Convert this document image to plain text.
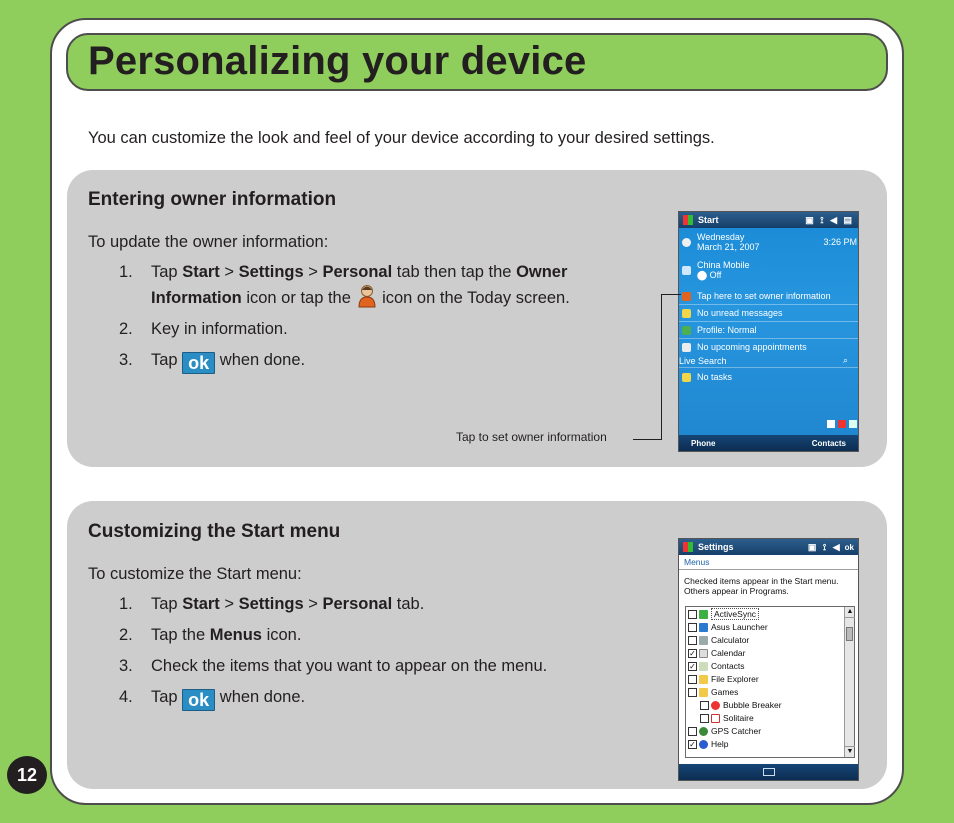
Personalizing your device

You can customize the look and feel of your device according to your desired settings.

Entering owner information
To update the owner information:
1.	Tap Start > Settings > Personal tab then tap the Owner Information icon or tap the  icon on the Today screen.
2.	Key in information.
3.	Tap ok when done.
Start	▣ ⟟ ◀ ▤
Wednesday
March 21, 2007	3:26 PM
China Mobile
⬤ Off
Tap here to set owner information
No unread messages
Profile: Normal
No upcoming appointments
Live Search	⌕
No tasks
Phone	Contacts
Tap to set owner information
Customizing the Start menu
To customize the Start menu:
1.	Tap Start > Settings > Personal tab.
2.	Tap the Menus icon.
3.	Check the items that you want to appear on the menu.
4.	Tap ok when done.
Settings	▣ ⟟ ◀ ok
Menus
Checked items appear in the Start menu.
Others appear in Programs.
ActiveSync
Asus Launcher
Calculator
✓ Calendar
✓ Contacts
File Explorer
Games
Bubble Breaker
Solitaire
GPS Catcher
✓ Help
▲
▼
12
